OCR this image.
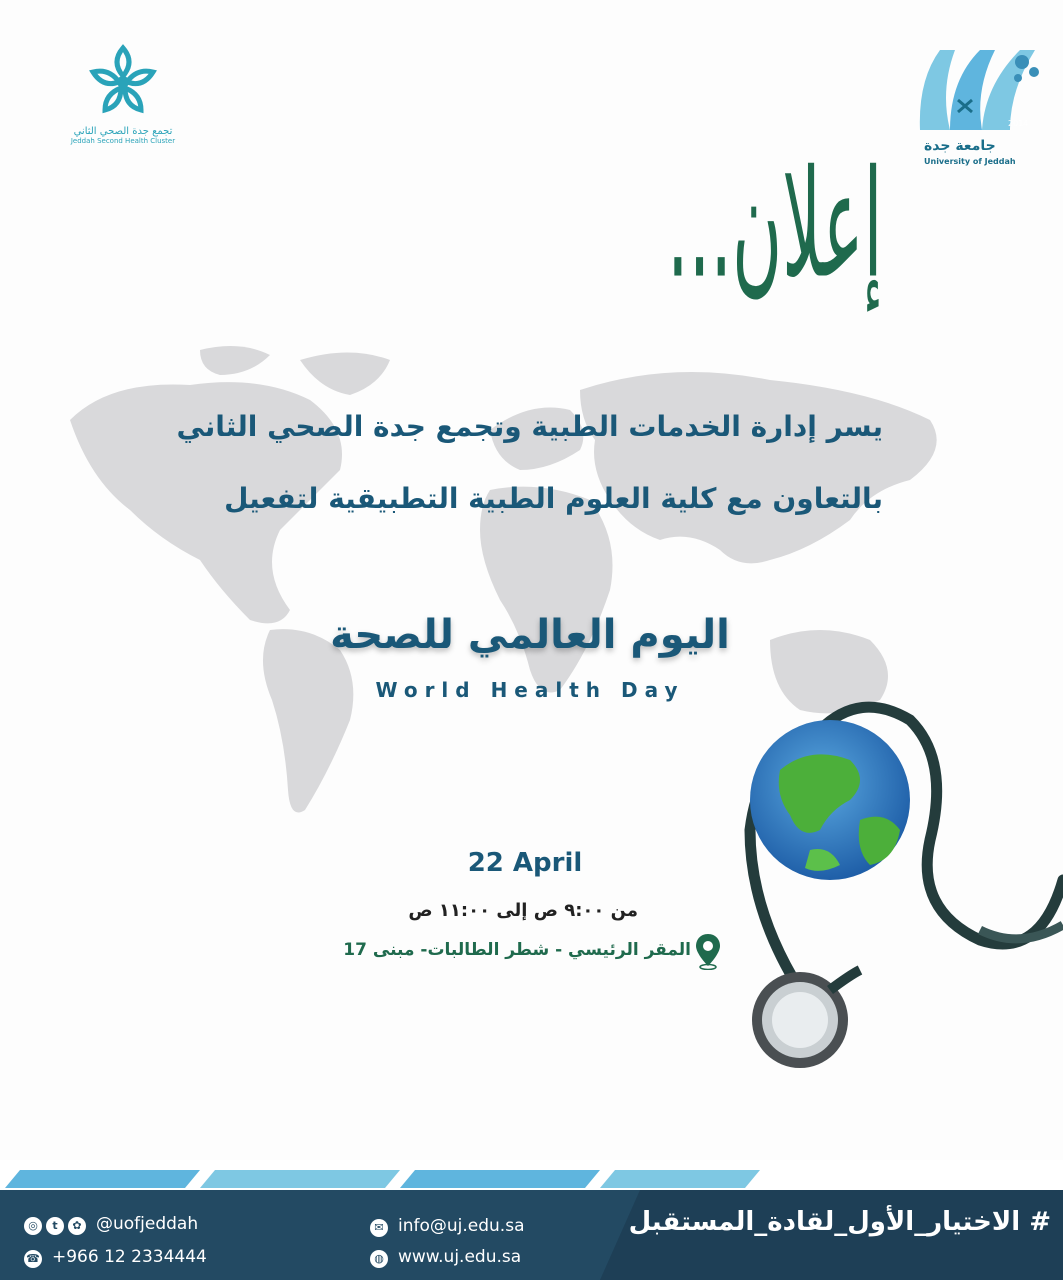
تجمع جدة الصحي الثاني
Jeddah Second Health Cluster
2014
جامعة جدة
University of Jeddah
إعلان...
يسر إدارة الخدمات الطبية وتجمع جدة الصحي الثاني
بالتعاون مع كلية العلوم الطبية التطبيقية لتفعيل
اليوم العالمي للصحة
World Health Day
22 April
من ٩:٠٠ ص إلى ١١:٠٠ ص
المقر الرئيسي - شطر الطالبات- مبنى 17
◎	t	✿ @uofjeddah
☎ +966 12 2334444
✉ info@uj.edu.sa
◍ www.uj.edu.sa
# الاختيار_الأول_لقادة_المستقبل
